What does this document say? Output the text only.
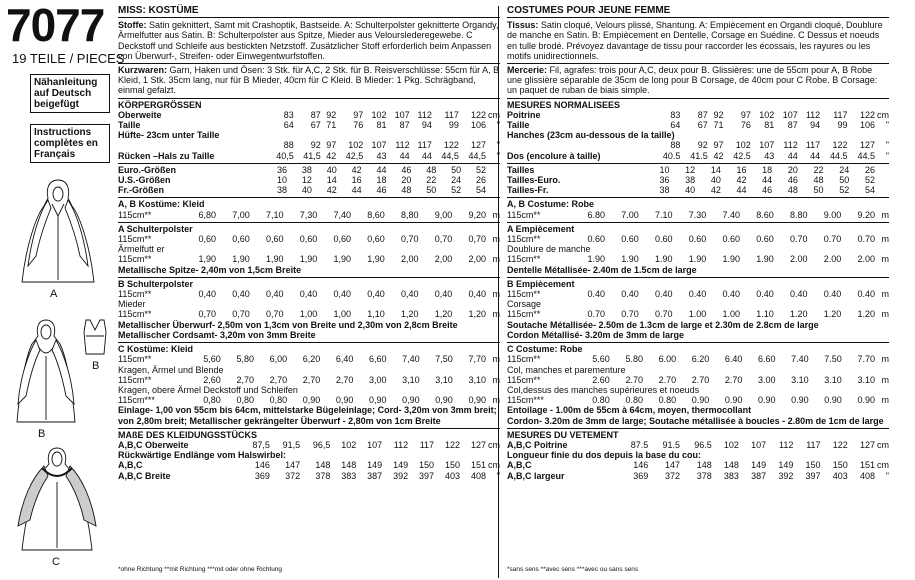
7077
19 TEILE / PIECES
Nähanleitung auf Deutsch beigefügt
Instructions complètes en Français
A
B
B
C
MISS: KOSTÜME
Stoffe: Satin geknittert, Samt mit Crashoptik, Bastseide. A: Schulterpolster geknitterte Organdy, Ärmelfutter aus Satin. B: Schulterpolster aus Spitze, Mieder aus Velourslederegewebe. C Deckstoff und Schleife aus bestickten Netzstoff. Zusätzlicher Stoff erforderlich beim Anpassen von Überwurf-, Streifen- oder Einwegentwurfstoffen.
Kurzwaren: Garn, Haken und Ösen: 3 Stk. für A,C, 2 Stk. für B. Reisverschlüsse: 55cm für A, B Kleid, 1 Stk. 35cm lang, nur für B Mieder, 40cm für C Kleid. B Mieder: 1 Pkg. Schrägband, einmal gefalzt.
KÖRPERGRÖSSEN
Oberweite	83	87	92	97	102	107	112	117	122	cm
Taille	64	67	71	76	81	87	94	99	106	"
Hüfte- 23cm unter Taille										
	88	92	97	102	107	112	117	122	127	"
Rücken –Hals zu Taille	40,5	41,5	42	42,5	43	44	44	44,5	44,5	"
Euro.-Größen	36	38	40	42	44	46	48	50	52	
U.S.-Größen	10	12	14	16	18	20	22	24	26	
Fr.-Größen	38	40	42	44	46	48	50	52	54	
A, B Kostüme: Kleid
115cm**	6,80	7,00	7,10	7,30	7,40	8,60	8,80	9,00	9,20	m
A Schulterpolster
115cm**	0,60	0,60	0,60	0,60	0,60	0,60	0,70	0,70	0,70	m
Ärmelfutt er										
115cm**	1,90	1,90	1,90	1,90	1,90	1,90	2,00	2,00	2,00	m
Metallische Spitze- 2,40m von 1,5cm Breite
B Schulterpolster
115cm**	0,40	0,40	0,40	0,40	0,40	0,40	0,40	0,40	0,40	m
Mieder										
115cm**	0,70	0,70	0,70	1,00	1,00	1,10	1,20	1,20	1,20	m
Metallischer Überwurf- 2,50m von 1,3cm von Breite und 2,30m von 2,8cm Breite
Metallischer Cordsamt- 3,20m von 3mm Breite
C Kostüme: Kleid
115cm**	5,60	5,80	6,00	6,20	6,40	6,60	7,40	7,50	7,70	m
Kragen, Ärmel und Blende										
115cm**	2,60	2,70	2,70	2,70	2,70	3,00	3,10	3,10	3,10	m
Kragen, obere Ärmel Deckstoff und Schleifen										
115cm***	0,80	0,80	0,80	0,90	0,90	0,90	0,90	0,90	0,90	m
Einlage- 1,00 von 55cm bis 64cm, mittelstarke Bügeleinlage; Cord- 3,20m von 3mm breit; von 2,80m breit; Metallischer gekrängelter Überwurf - 2,80m von 1cm Breite
MAßE DES KLEIDUNGSSTÜCKS
A,B,C Oberweite	87,5	91,5	96,5	102	107	112	117	122	127	cm
Rückwärtige Endlänge vom Halswirbel:										
A,B,C	146	147	148	148	149	149	150	150	151	cm
A,B,C Breite	369	372	378	383	387	392	397	403	408	"
*ohne Richtung **mit Richtung ***mit oder ohne Richtung
COSTUMES POUR JEUNE FEMME
Tissus: Satin cloqué, Velours plissé, Shantung. A: Empiècement en Organdi cloqué, Doublure de manche en Satin. B: Empiècement en Dentelle, Corsage en Suédine. C Dessus et noeuds en tulle brodé. Prévoyez davantage de tissu pour raccorder les écossais, les rayures ou les motifs unidirectionnels.
Mercerie: Fil, agrafes: trois pour A,C, deux pour B. Glissières: une de 55cm pour A, B Robe une glissière séparable de 35cm de long pour B Corsage, de 40cm pour C Robe. B Corsage: un paquet de ruban de biais simple.
MESURES NORMALISEES
Poitrine	83	87	92	97	102	107	112	117	122	cm
Taille	64	67	71	76	81	87	94	99	106	"
Hanches (23cm au-dessous de la taille)										
	88	92	97	102	107	112	117	122	127	"
Dos (encolure à taille)	40.5	41.5	42	42.5	43	44	44	44.5	44.5	"
Tailles	10	12	14	16	18	20	22	24	26	
Tailles-Euro.	36	38	40	42	44	46	48	50	52	
Tailles-Fr.	38	40	42	44	46	48	50	52	54	
A, B Costume: Robe
115cm**	6.80	7.00	7.10	7.30	7.40	8.60	8.80	9.00	9.20	m
A Empiècement
115cm**	0.60	0.60	0.60	0.60	0.60	0.60	0.70	0.70	0.70	m
Doublure de manche										
115cm**	1.90	1.90	1.90	1.90	1.90	1.90	2.00	2.00	2.00	m
Dentelle Métallisée- 2.40m de 1.5cm de large
B Empiècement
115cm**	0.40	0.40	0.40	0.40	0.40	0.40	0.40	0.40	0.40	m
Corsage										
115cm**	0.70	0.70	0.70	1.00	1.00	1.10	1.20	1.20	1.20	m
Soutache Métallisée- 2.50m de 1.3cm de large et 2.30m de 2.8cm de large
Cordon Métallisé- 3.20m de 3mm de large
C Costume: Robe
115cm**	5.60	5.80	6.00	6.20	6.40	6.60	7.40	7.50	7.70	m
Col, manches et parementure										
115cm**	2.60	2.70	2.70	2.70	2.70	3.00	3.10	3.10	3.10	m
Col,dessus des manches supérieures et noeuds										
115cm***	0.80	0.80	0.80	0.90	0.90	0.90	0.90	0.90	0.90	m
Entoilage - 1.00m de 55cm à 64cm, moyen, thermocollant
Cordon- 3.20m de 3mm de large; Soutache métallisée à boucles - 2.80m de 1cm de large
MESURES DU VETEMENT
A,B,C Poitrine	87.5	91.5	96.5	102	107	112	117	122	127	cm
Longueur finie du dos depuis la base du cou:										
A,B,C	146	147	148	148	149	149	150	150	151	cm
A,B,C largeur	369	372	378	383	387	392	397	403	408	"
*sans sens **avec sens ***avec ou sans sens
